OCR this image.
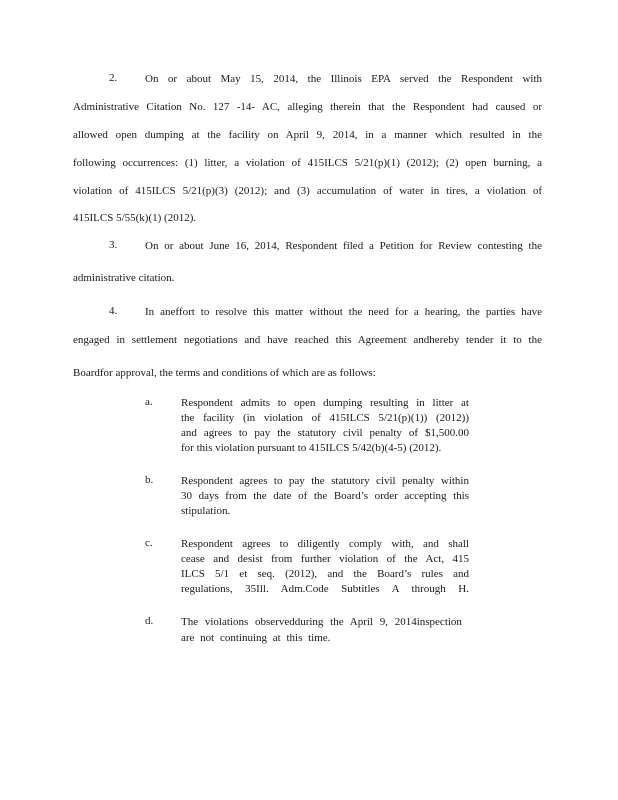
2.	On or about May 15, 2014, the Illinois EPA served the Respondent with
Administrative Citation No. 127 -14- AC, alleging therein that the Respondent had caused or
allowed open dumping at the facility on April 9, 2014, in a manner which resulted in the
following occurrences: (1) litter, a violation of 415ILCS 5/21(p)(1) (2012); (2) open burning, a
violation of 415ILCS 5/21(p)(3) (2012); and (3) accumulation of water in tires, a violation of
415ILCS 5/55(k)(1) (2012).
3.	On or about June 16, 2014, Respondent filed a Petition for Review contesting the
administrative citation.
4.	In aneffort to resolve this matter without the need for a hearing, the parties have
engaged in settlement negotiations and have reached this Agreement andhereby tender it to the
Boardfor approval, the terms and conditions of which are as follows:
a.	Respondent admits to open dumping resulting in litter at
the facility (in violation of 415ILCS 5/21(p)(1)) (2012))
and agrees to pay the statutory civil penalty of $1,500.00
for this violation pursuant to 415ILCS 5/42(b)(4-5) (2012).
b.	Respondent agrees to pay the statutory civil penalty within
30 days from the date of the Board’s order accepting this
stipulation.
c.	Respondent agrees to diligently comply with, and shall
cease and desist from further violation of the Act, 415
ILCS 5/1 et seq. (2012), and the Board’s rules and
regulations, 35Ill. Adm.Code Subtitles A through H.
d.	The violations observedduring the April 9, 2014inspection
are not continuing at this time.
